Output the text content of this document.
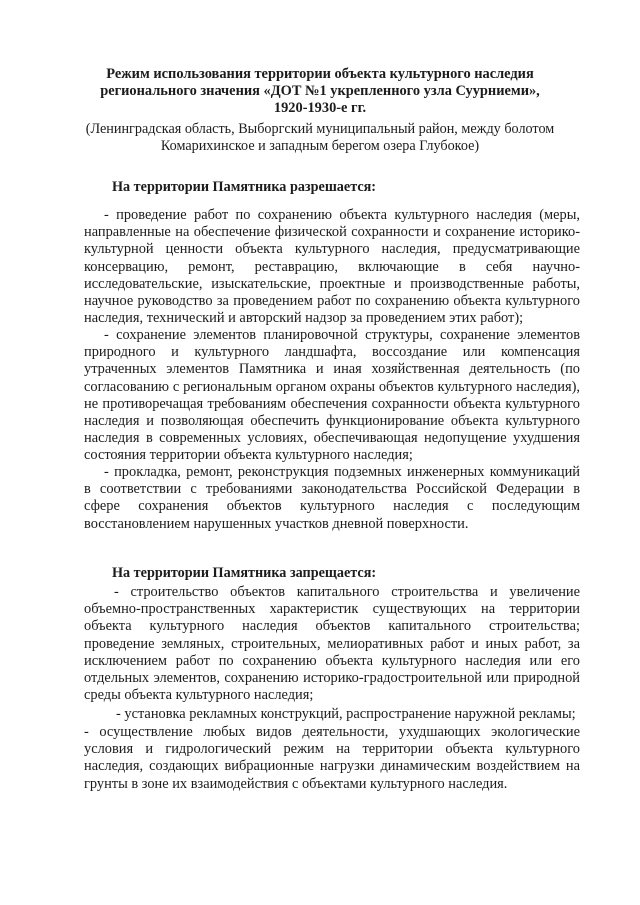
Режим использования территории объекта культурного наследия
регионального значения «ДОТ №1 укрепленного узла Суурниеми»,
1920-1930-е гг.
(Ленинградская область, Выборгский муниципальный район, между болотом
Комарихинское и западным берегом озера Глубокое)
На территории Памятника разрешается:
- проведение работ по сохранению объекта культурного наследия (меры, направленные на обеспечение физической сохранности и сохранение историко-культурной ценности объекта культурного наследия, предусматривающие консервацию, ремонт, реставрацию, включающие в себя научно-исследовательские, изыскательские, проектные и производственные работы, научное руководство за проведением работ по сохранению объекта культурного наследия, технический и авторский надзор за проведением этих работ);
- сохранение элементов планировочной структуры, сохранение элементов природного и культурного ландшафта, воссоздание или компенсация утраченных элементов Памятника и иная хозяйственная деятельность (по согласованию с региональным органом охраны объектов культурного наследия), не противоречащая требованиям обеспечения сохранности объекта культурного наследия и позволяющая обеспечить функционирование объекта культурного наследия в современных условиях, обеспечивающая недопущение ухудшения состояния территории объекта культурного наследия;
- прокладка, ремонт, реконструкция подземных инженерных коммуникаций в соответствии с требованиями законодательства Российской Федерации в сфере сохранения объектов культурного наследия с последующим восстановлением нарушенных участков дневной поверхности.
На территории Памятника запрещается:
- строительство объектов капитального строительства и увеличение объемно-пространственных характеристик существующих на территории объекта культурного наследия объектов капитального строительства; проведение земляных, строительных, мелиоративных работ и иных работ, за исключением работ по сохранению объекта культурного наследия или его отдельных элементов, сохранению историко-градостроительной или природной среды объекта культурного наследия;
- установка рекламных конструкций, распространение наружной рекламы;
- осуществление любых видов деятельности, ухудшающих экологические условия и гидрологический режим на территории объекта культурного наследия, создающих вибрационные нагрузки динамическим воздействием на грунты в зоне их взаимодействия с объектами культурного наследия.
